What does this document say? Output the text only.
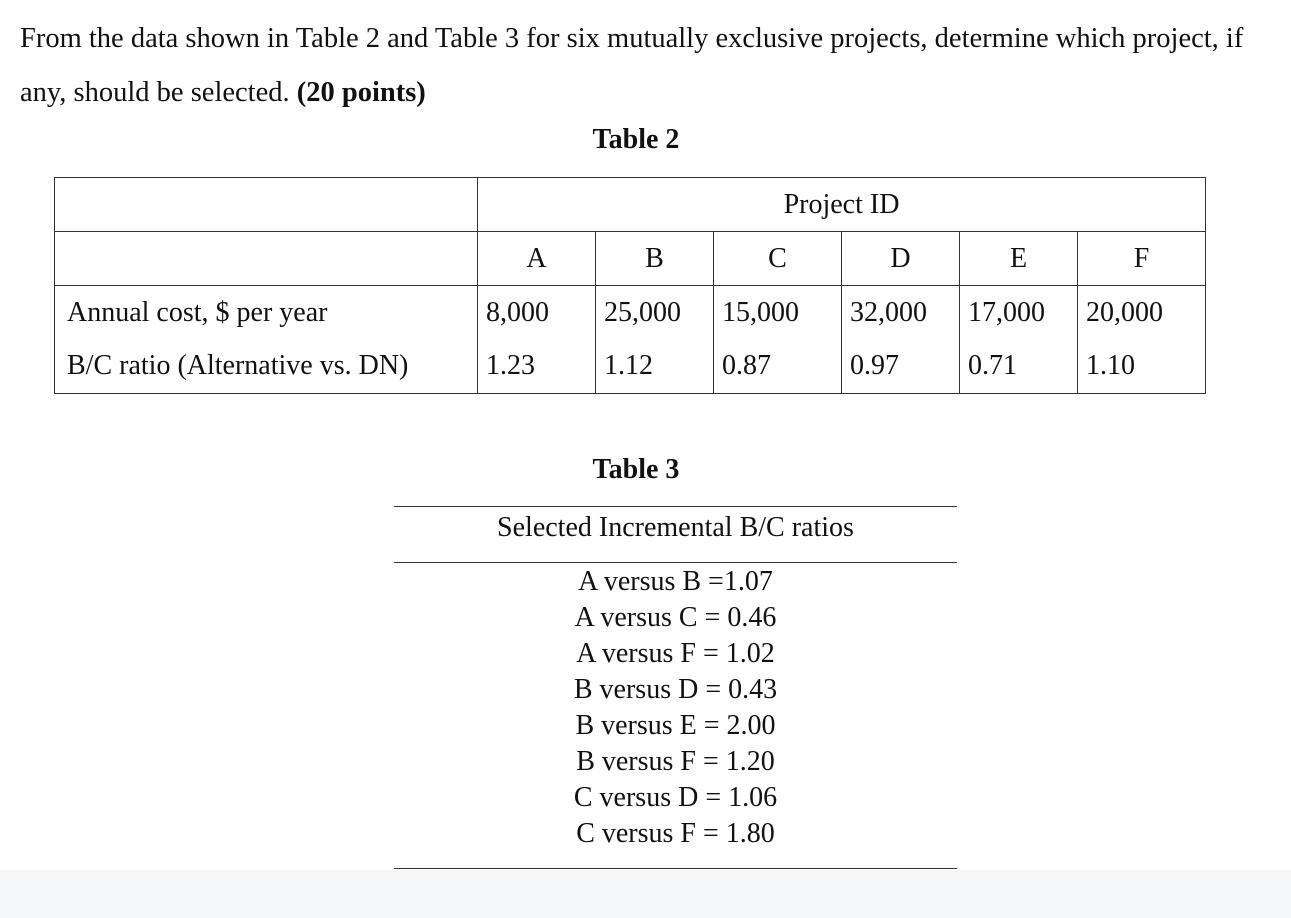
From the data shown in Table 2 and Table 3 for six mutually exclusive projects, determine which project, if any, should be selected. (20 points)

Table 2

	Project ID					
	A	B	C	D	E	F
Annual cost, $ per year	8,000	25,000	15,000	32,000	17,000	20,000
B/C ratio (Alternative vs. DN)	1.23	1.12	0.87	0.97	0.71	1.10

Table 3

Selected Incremental B/C ratios

A versus B =1.07
A versus C = 0.46
A versus F = 1.02
B versus D = 0.43
B versus E = 2.00
B versus F = 1.20
C versus D = 1.06
C versus F = 1.80
